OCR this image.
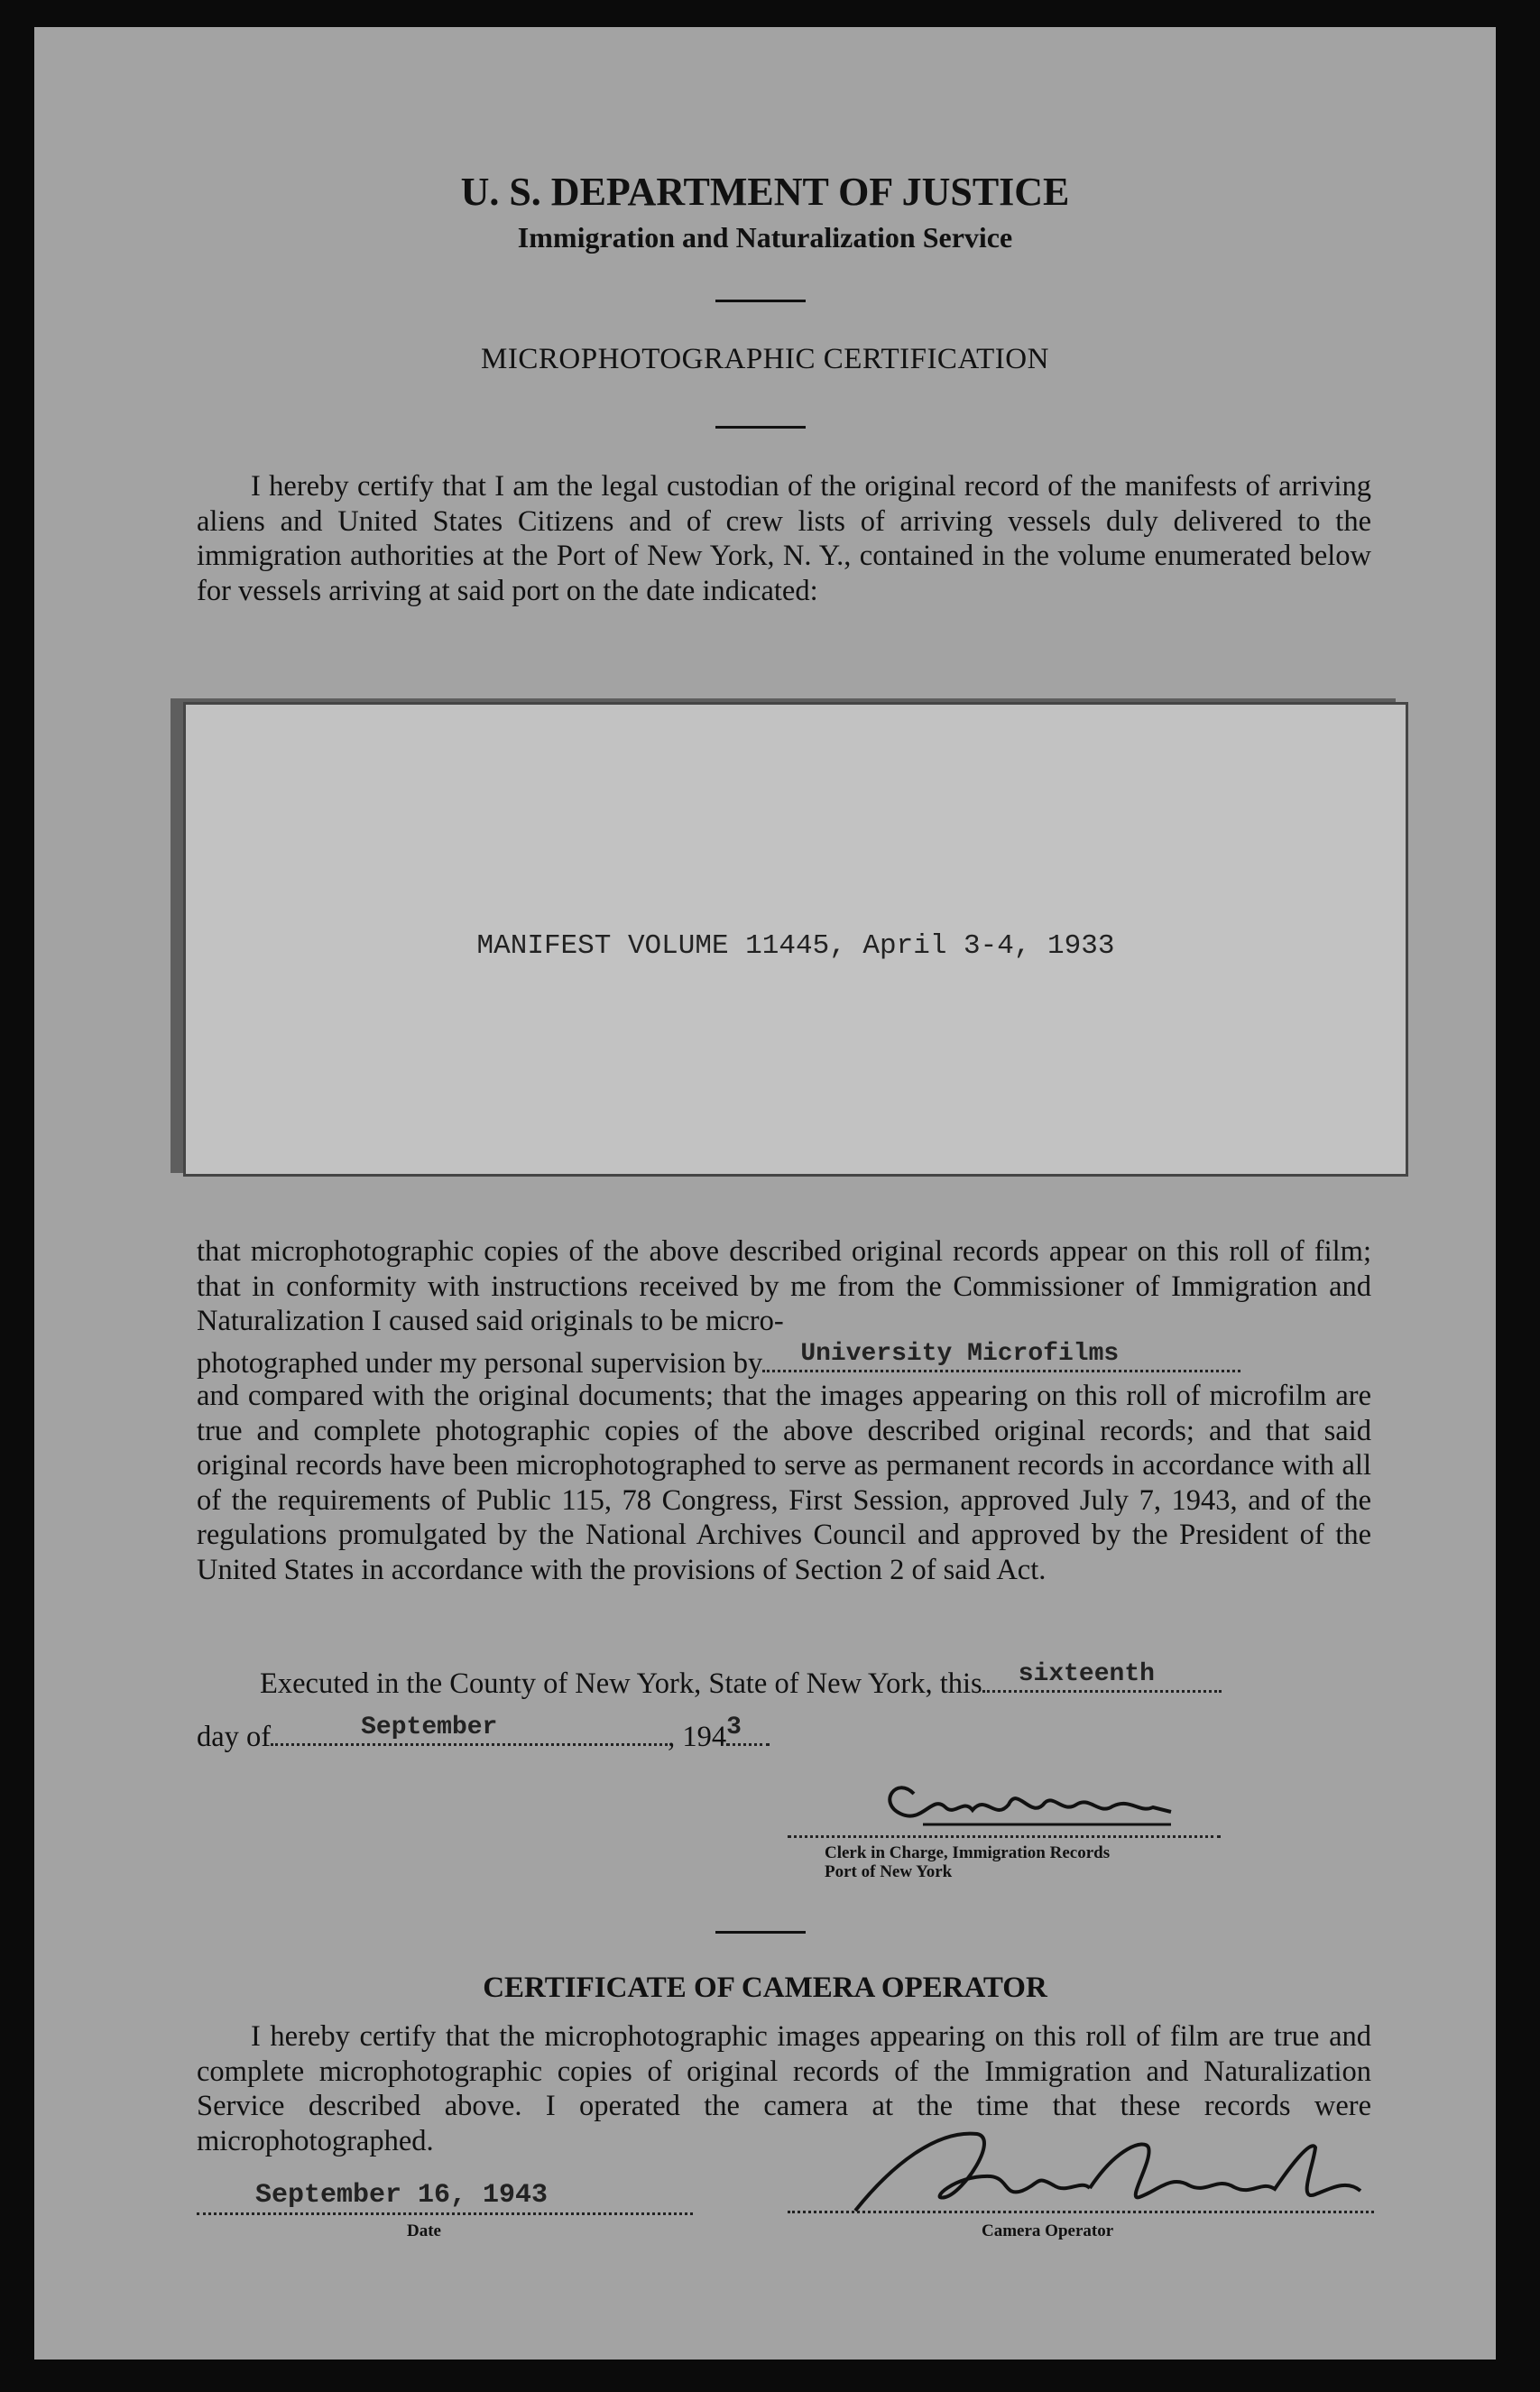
U. S. DEPARTMENT OF JUSTICE
Immigration and Naturalization Service
MICROPHOTOGRAPHIC CERTIFICATION
I hereby certify that I am the legal custodian of the original record of the manifests of arriving aliens and United States Citizens and of crew lists of arriving vessels duly delivered to the immigration authorities at the Port of New York, N. Y., contained in the volume enumerated below for vessels arriving at said port on the date indicated:
MANIFEST VOLUME 11445, April 3-4, 1933
that microphotographic copies of the above described original records appear on this roll of film; that in conformity with instructions received by me from the Commissioner of Immigration and Naturalization I caused said originals to be micro-
photographed under my personal supervision by University Microfilms
and compared with the original documents; that the images appearing on this roll of microfilm are true and complete photographic copies of the above described original records; and that said original records have been microphotographed to serve as permanent records in accordance with all of the requirements of Public 115, 78 Congress, First Session, approved July 7, 1943, and of the regulations promulgated by the National Archives Council and approved by the President of the United States in accordance with the provisions of Section 2 of said Act.
Executed in the County of New York, State of New York, this sixteenth
day of	September	, 194 3
Clerk in Charge, Immigration Records
Port of New York
CERTIFICATE OF CAMERA OPERATOR
I hereby certify that the microphotographic images appearing on this roll of film are true and complete microphotographic copies of original records of the Immigration and Naturalization Service described above. I operated the camera at the time that these records were microphotographed.
September 16, 1943
Date	Camera Operator
